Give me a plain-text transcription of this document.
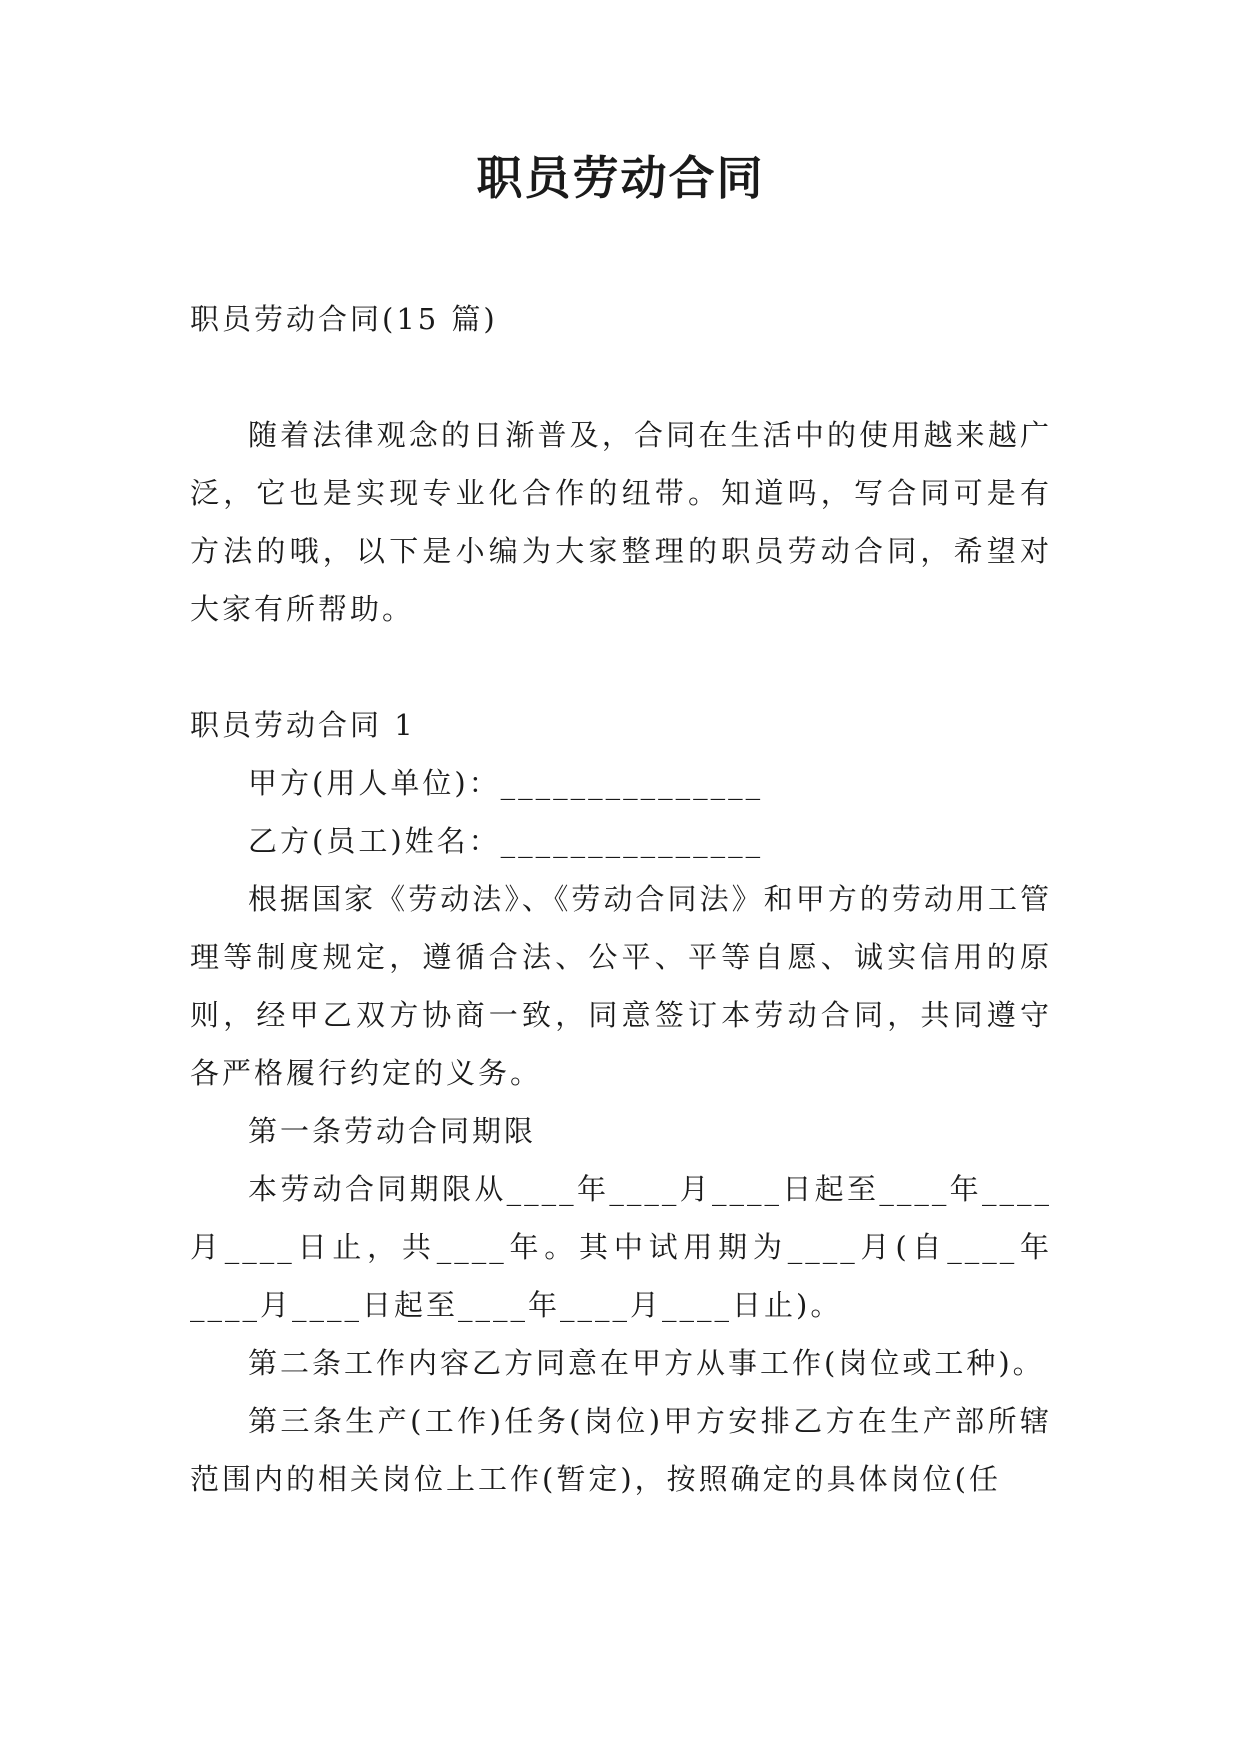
职员劳动合同

职员劳动合同(15 篇)

随着法律观念的日渐普及，合同在生活中的使用越来越广泛，它也是实现专业化合作的纽带。知道吗，写合同可是有方法的哦，以下是小编为大家整理的职员劳动合同，希望对大家有所帮助。

职员劳动合同 1

甲方(用人单位)：_______________

乙方(员工)姓名：_______________

根据国家《劳动法》、《劳动合同法》和甲方的劳动用工管理等制度规定，遵循合法、公平、平等自愿、诚实信用的原则，经甲乙双方协商一致，同意签订本劳动合同，共同遵守各严格履行约定的义务。

第一条劳动合同期限

本劳动合同期限从____年____月____日起至____年____月____日止，共____年。其中试用期为____月(自____年____月____日起至____年____月____日止)。

第二条工作内容乙方同意在甲方从事工作(岗位或工种)。

第三条生产(工作)任务(岗位)甲方安排乙方在生产部所辖范围内的相关岗位上工作(暂定)，按照确定的具体岗位(任
